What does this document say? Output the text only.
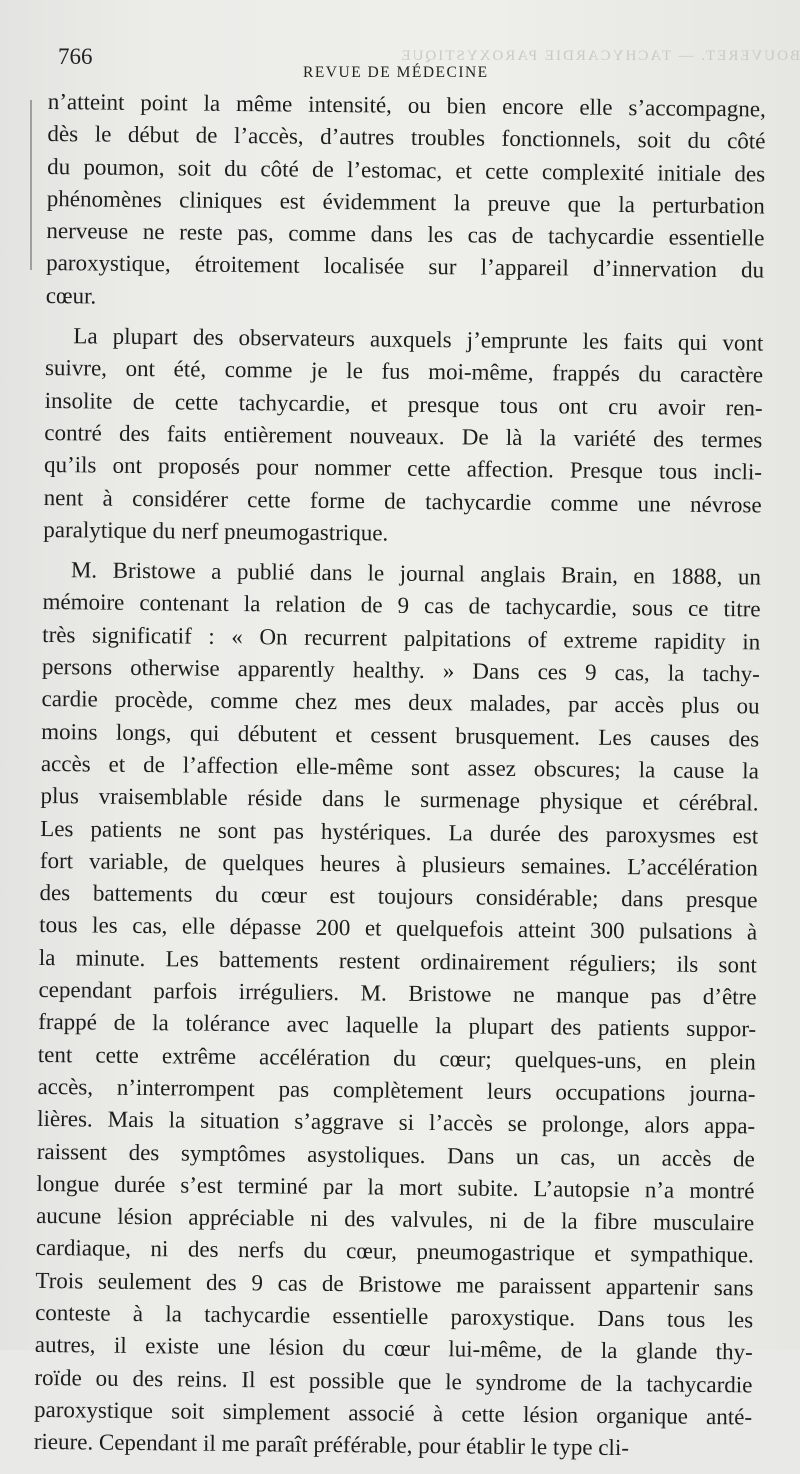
BOUVERET. — TACHYCARDIE PAROXYSTIQUE
766
REVUE DE MÉDECINE

n’atteint point la même intensité, ou bien encore elle s’accompagne,
dès le début de l’accès, d’autres troubles fonctionnels, soit du côté
du poumon, soit du côté de l’estomac, et cette complexité initiale des
phénomènes cliniques est évidemment la preuve que la perturbation
nerveuse ne reste pas, comme dans les cas de tachycardie essentielle
paroxystique, étroitement localisée sur l’appareil d’innervation du
cœur.

La plupart des observateurs auxquels j’emprunte les faits qui vont
suivre, ont été, comme je le fus moi-même, frappés du caractère
insolite de cette tachycardie, et presque tous ont cru avoir ren-
contré des faits entièrement nouveaux. De là la variété des termes
qu’ils ont proposés pour nommer cette affection. Presque tous incli-
nent à considérer cette forme de tachycardie comme une névrose
paralytique du nerf pneumogastrique.

M. Bristowe a publié dans le journal anglais Brain, en 1888, un
mémoire contenant la relation de 9 cas de tachycardie, sous ce titre
très significatif : « On recurrent palpitations of extreme rapidity in
persons otherwise apparently healthy. » Dans ces 9 cas, la tachy-
cardie procède, comme chez mes deux malades, par accès plus ou
moins longs, qui débutent et cessent brusquement. Les causes des
accès et de l’affection elle-même sont assez obscures; la cause la
plus vraisemblable réside dans le surmenage physique et cérébral.
Les patients ne sont pas hystériques. La durée des paroxysmes est
fort variable, de quelques heures à plusieurs semaines. L’accélération
des battements du cœur est toujours considérable; dans presque
tous les cas, elle dépasse 200 et quelquefois atteint 300 pulsations à
la minute. Les battements restent ordinairement réguliers; ils sont
cependant parfois irréguliers. M. Bristowe ne manque pas d’être
frappé de la tolérance avec laquelle la plupart des patients suppor-
tent cette extrême accélération du cœur; quelques-uns, en plein
accès, n’interrompent pas complètement leurs occupations journa-
lières. Mais la situation s’aggrave si l’accès se prolonge, alors appa-
raissent des symptômes asystoliques. Dans un cas, un accès de
longue durée s’est terminé par la mort subite. L’autopsie n’a montré
aucune lésion appréciable ni des valvules, ni de la fibre musculaire
cardiaque, ni des nerfs du cœur, pneumogastrique et sympathique.
Trois seulement des 9 cas de Bristowe me paraissent appartenir sans
conteste à la tachycardie essentielle paroxystique. Dans tous les
autres, il existe une lésion du cœur lui-même, de la glande thy-
roïde ou des reins. Il est possible que le syndrome de la tachycardie
paroxystique soit simplement associé à cette lésion organique anté-
rieure. Cependant il me paraît préférable, pour établir le type cli-
